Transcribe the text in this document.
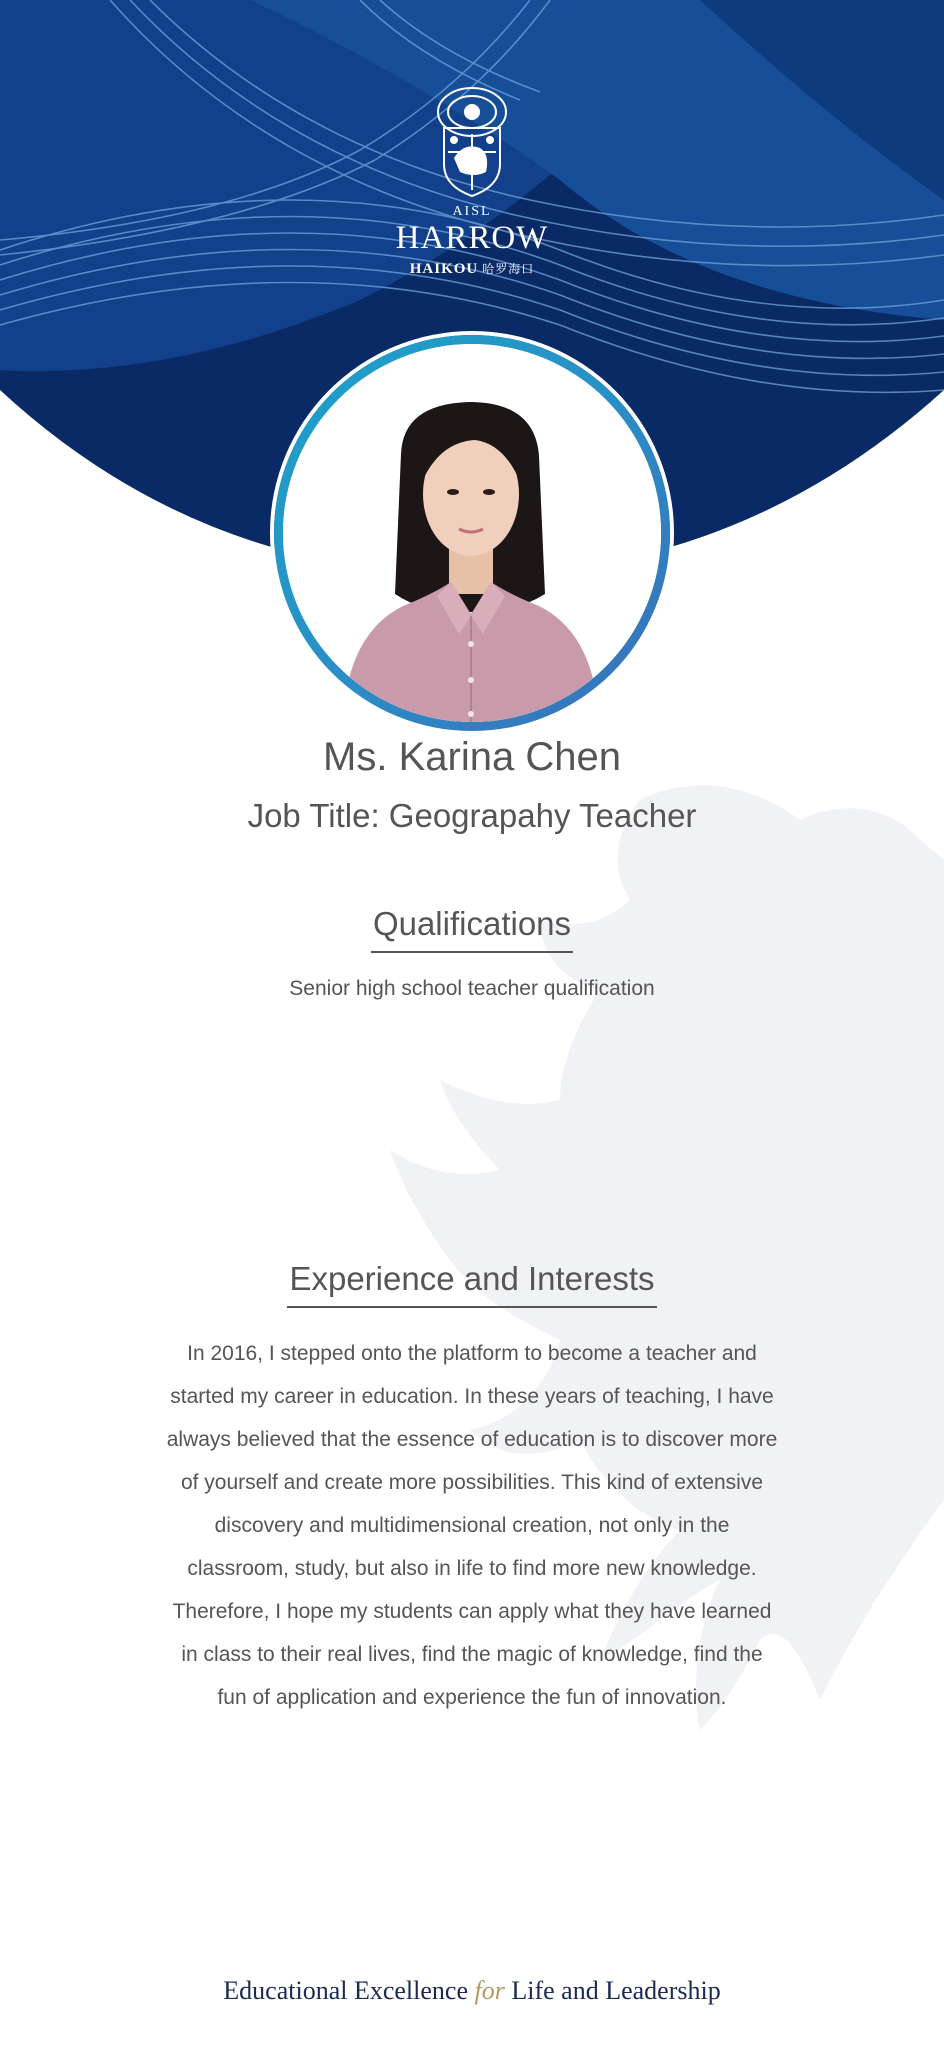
AISL
HARROW
HAIKOU 哈罗海口
Ms. Karina Chen
Job Title: Geograpahy Teacher
Qualifications
Senior high school teacher qualification
Experience and Interests
In 2016, I stepped onto the platform to become a teacher and
started my career in education. In these years of teaching, I have
always believed that the essence of education is to discover more
of yourself and create more possibilities. This kind of extensive
discovery and multidimensional creation, not only in the
classroom, study, but also in life to find more new knowledge.
Therefore, I hope my students can apply what they have learned
in class to their real lives, find the magic of knowledge, find the
fun of application and experience the fun of innovation.
Educational Excellence for Life and Leadership
